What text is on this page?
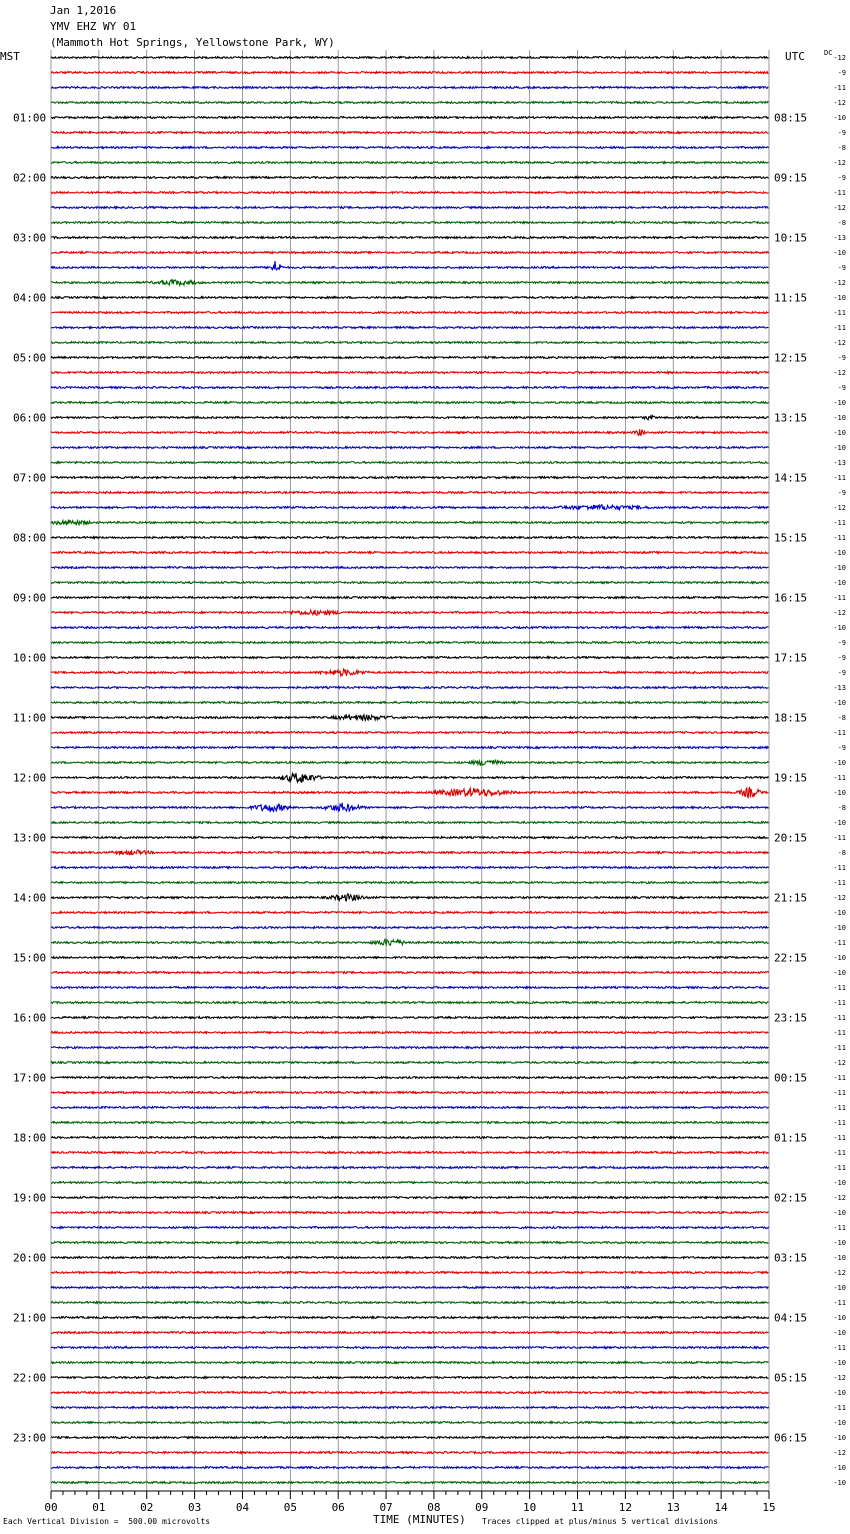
Jan 1,2016
YMV EHZ WY 01
(Mammoth Hot Springs, Yellowstone Park, WY)
MST	UTC	DC
-12
-9
-11
-12
-10
-9
-8
-12
-9
-11
-12
-8
-13
-10
-9
-12
-10
-11
-11
-12
-9
-12
-9
-10
-10
-10
-10
-13
-11
-9
-12
-11
-11
-10
-10
-10
-11
-12
-10
-9
-9
-9
-13
-10
-8
-11
-9
-10
-11
-10
-8
-10
-11
-8
-11
-11
-12
-10
-10
-11
-10
-10
-11
-11
-11
-11
-11
-12
-11
-11
-11
-11
-11
-11
-11
-10
-12
-10
-11
-10
-10
-12
-10
-11
-10
-10
-11
-10
-12
-10
-11
-10
-10
-12
-10
-10
01:00	08:15
02:00	09:15
03:00	10:15
04:00	11:15
05:00	12:15
06:00	13:15
07:00	14:15
08:00	15:15
09:00	16:15
10:00	17:15
11:00	18:15
12:00	19:15
13:00	20:15
14:00	21:15
15:00	22:15
16:00	23:15
17:00	00:15
18:00	01:15
19:00	02:15
20:00	03:15
21:00	04:15
22:00	05:15
23:00	06:15
00	01	02	03	04	05	06	07	08	09	10	11	12	13	14	15
Each Vertical Division =  500.00 microvolts	TIME (MINUTES) Traces clipped at plus/minus 5 vertical divisions
